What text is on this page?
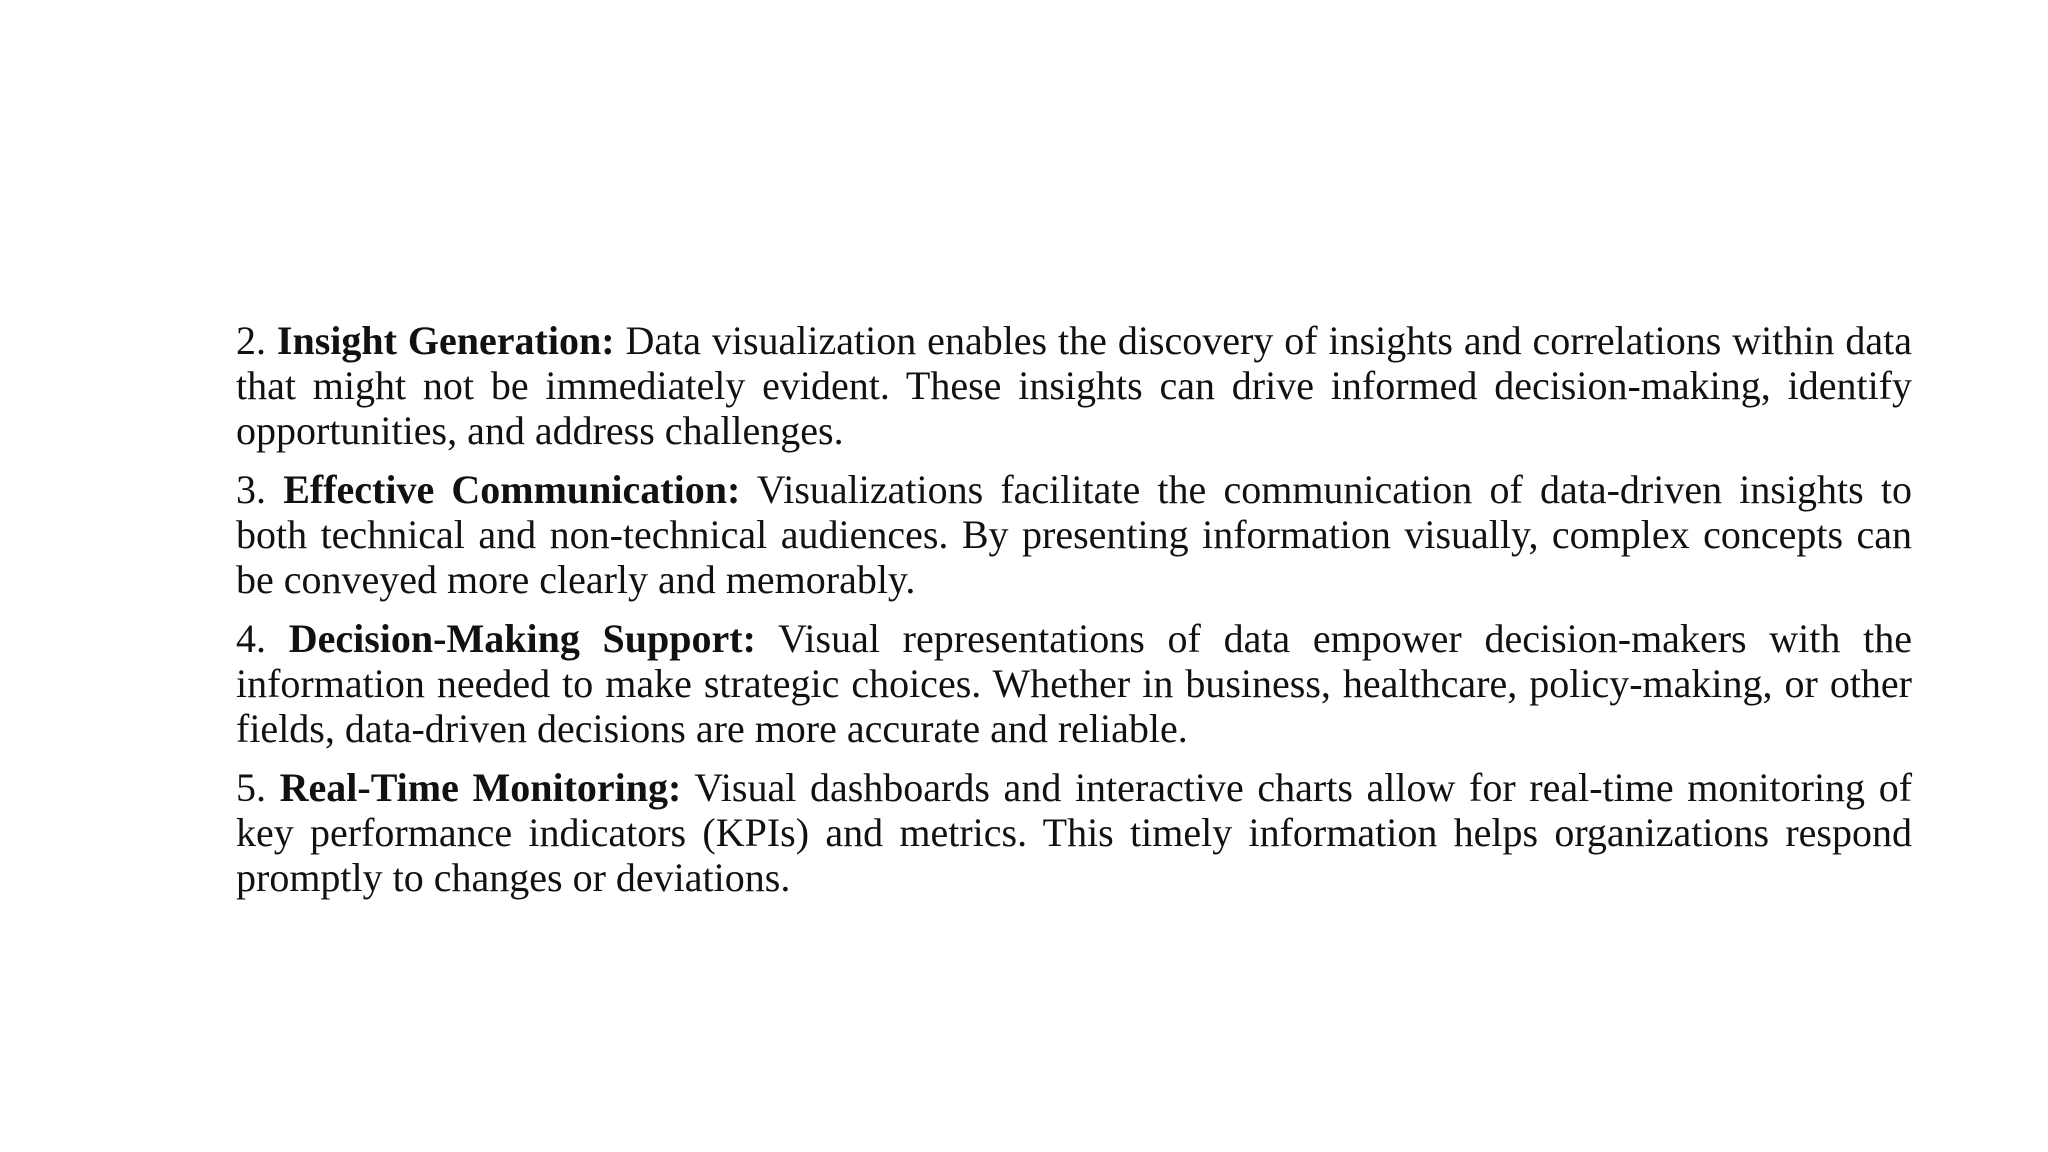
2. Insight Generation: Data visualization enables the discovery of insights and correlations within data that might not be immediately evident. These insights can drive informed decision-making, identify opportunities, and address challenges.

3. Effective Communication: Visualizations facilitate the communication of data-driven insights to both technical and non-technical audiences. By presenting information visually, complex concepts can be conveyed more clearly and memorably.

4. Decision-Making Support: Visual representations of data empower decision-makers with the information needed to make strategic choices. Whether in business, healthcare, policy-making, or other fields, data-driven decisions are more accurate and reliable.

5. Real-Time Monitoring: Visual dashboards and interactive charts allow for real-time monitoring of key performance indicators (KPIs) and metrics. This timely information helps organizations respond promptly to changes or deviations.
